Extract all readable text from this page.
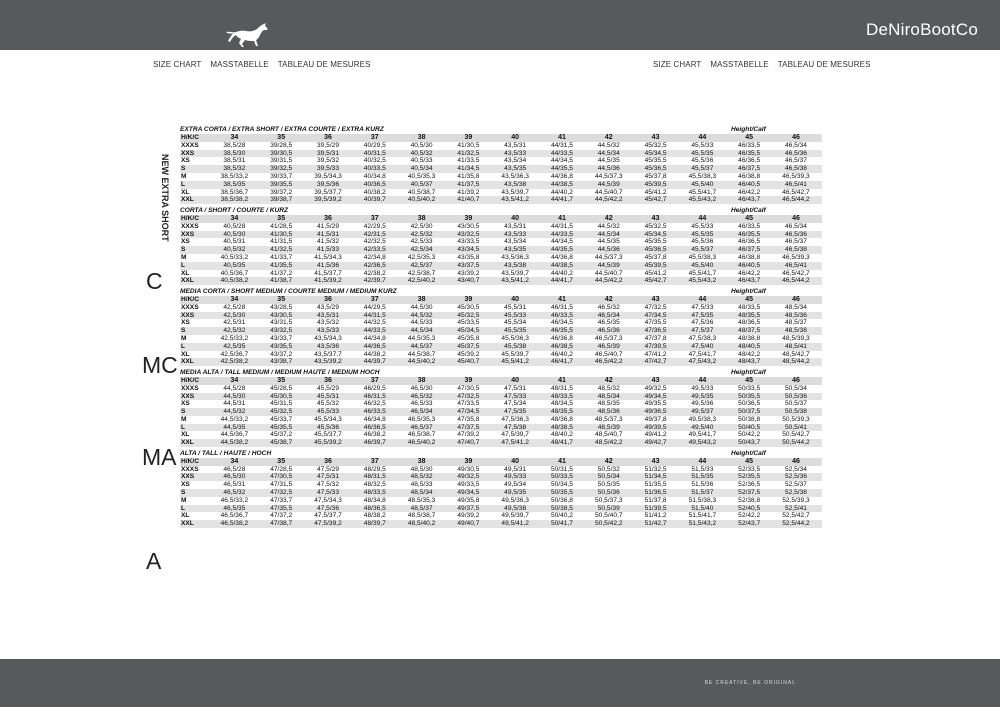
DeNiroBootCo
SIZE CHART MASSTABELLE TABLEAU DE MESURES	SIZE CHART MASSTABELLE TABLEAU DE MESURES
NEW EXTRA SHORT
C
MC
MA
A
EXTRA CORTA / EXTRA SHORT / EXTRA COURTE / EXTRA KURZ	Height/Calf
H/K/C	34	35	36	37	38	39	40	41	42	43	44	45	46
XXXS	38,5/28	39/28,5	39,5/29	40/29,5	40,5/30	41/30,5	43,5/31	44/31,5	44,5/32	45/32,5	45,5/33	46/33,5	46,5/34
XXS	38,5/30	39/30,5	39,5/31	40/31,5	40,5/32	41/32,5	43,5/33	44/33,5	44,5/34	45/34,5	45,5/35	46/35,5	46,5/36
XS	38,5/31	39/31,5	39,5/32	40/32,5	40,5/33	41/33,5	43,5/34	44/34,5	44,5/35	45/35,5	45,5/36	46/36,5	46,5/37
S	38,5/32	39/32,5	39,5/33	40/33,5	40,5/34	41/34,5	43,5/35	44/35,5	44,5/36	45/36,5	45,5/37	46/37,5	46,5/38
M	38,5/33,2	39/33,7	39,5/34,3	40/34,8	40,5/35,3	41/35,8	43,5/36,3	44/36,8	44,5/37,3	45/37,8	45,5/38,3	46/38,8	46,5/39,3
L	38,5/35	39/35,5	39,5/36	40/36,5	40,5/37	41/37,5	43,5/38	44/38,5	44,5/39	45/39,5	45,5/40	46/40,5	46,5/41
XL	38,5/36,7	39/37,2	39,5/37,7	40/38,2	40,5/38,7	41/39,2	43,5/39,7	44/40,2	44,5/40,7	45/41,2	45,5/41,7	46/42,2	46,5/42,7
XXL	38,5/38,2	39/38,7	39,5/39,2	40/39,7	40,5/40,2	41/40,7	43,5/41,2	44/41,7	44,5/42,2	45/42,7	45,5/43,2	46/43,7	46,5/44,2
CORTA / SHORT / COURTE / KURZ	Height/Calf
H/K/C	34	35	36	37	38	39	40	41	42	43	44	45	46
XXXS	40,5/28	41/28,5	41,5/29	42/29,5	42,5/30	43/30,5	43,5/31	44/31,5	44,5/32	45/32,5	45,5/33	46/33,5	46,5/34
XXS	40,5/30	41/30,5	41,5/31	42/31,5	42,5/32	43/32,5	43,5/33	44/33,5	44,5/34	45/34,5	45,5/35	46/35,5	46,5/36
XS	40,5/31	41/31,5	41,5/32	42/32,5	42,5/33	43/33,5	43,5/34	44/34,5	44,5/35	45/35,5	45,5/36	46/36,5	46,5/37
S	40,5/32	41/32,5	41,5/33	42/33,5	42,5/34	43/34,5	43,5/35	44/35,5	44,5/36	45/36,5	45,5/37	46/37,5	46,5/38
M	40,5/33,2	41/33,7	41,5/34,3	42/34,8	42,5/35,3	43/35,8	43,5/36,3	44/36,8	44,5/37,3	45/37,8	45,5/38,3	46/38,8	46,5/39,3
L	40,5/35	41/35,5	41,5/36	42/36,5	42,5/37	43/37,5	43,5/38	44/38,5	44,5/39	45/39,5	45,5/40	46/40,5	46,5/41
XL	40,5/36,7	41/37,2	41,5/37,7	42/38,2	42,5/38,7	43/39,2	43,5/39,7	44/40,2	44,5/40,7	45/41,2	45,5/41,7	46/42,2	46,5/42,7
XXL	40,5/38,2	41/38,7	41,5/39,2	42/39,7	42,5/40,2	43/40,7	43,5/41,2	44/41,7	44,5/42,2	45/42,7	45,5/43,2	46/43,7	46,5/44,2
MEDIA CORTA / SHORT MEDIUM / COURTE MEDIUM / MEDIUM KURZ	Height/Calf
H/K/C	34	35	36	37	38	39	40	41	42	43	44	45	46
XXXS	42,5/28	43/28,5	43,5/29	44/29,5	44,5/30	45/30,5	45,5/31	46/31,5	46,5/32	47/32,5	47,5/33	48/33,5	48,5/34
XXS	42,5/30	43/30,5	43,5/31	44/31,5	44,5/32	45/32,5	45,5/33	46/33,5	46,5/34	47/34,5	47,5/35	48/35,5	48,5/36
XS	42,5/31	43/31,5	43,5/32	44/32,5	44,5/33	45/33,5	45,5/34	46/34,5	46,5/35	47/35,5	47,5/36	48/36,5	48,5/37
S	42,5/32	43/32,5	43,5/33	44/33,5	44,5/34	45/34,5	45,5/35	46/35,5	46,5/36	47/36,5	47,5/37	48/37,5	48,5/38
M	42,5/33,2	43/33,7	43,5/34,3	44/34,8	44,5/35,3	45/35,8	45,5/36,3	46/36,8	46,5/37,3	47/37,8	47,5/38,3	48/38,8	48,5/39,3
L	42,5/35	43/35,5	43,5/36	44/36,5	44,5/37	45/37,5	45,5/38	46/38,5	46,5/39	47/39,5	47,5/40	48/40,5	48,5/41
XL	42,5/36,7	43/37,2	43,5/37,7	44/38,2	44,5/38,7	45/39,2	45,5/39,7	46/40,2	46,5/40,7	47/41,2	47,5/41,7	48/42,2	48,5/42,7
XXL	42,5/38,2	43/38,7	43,5/39,2	44/39,7	44,5/40,2	45/40,7	45,5/41,2	46/41,7	46,5/42,2	47/42,7	47,5/43,2	48/43,7	48,5/44,2
MEDIA ALTA / TALL MEDIUM / MEDIUM HAUTE / MEDIUM HOCH	Height/Calf
H/K/C	34	35	36	37	38	39	40	41	42	43	44	45	46
XXXS	44,5/28	45/28,5	45,5/29	46/29,5	46,5/30	47/30,5	47,5/31	48/31,5	48,5/32	49/32,5	49,5/33	50/33,5	50,5/34
XXS	44,5/30	45/30,5	45,5/31	46/31,5	46,5/32	47/32,5	47,5/33	48/33,5	48,5/34	49/34,5	49,5/35	50/35,5	50,5/36
XS	44,5/31	45/31,5	45,5/32	46/32,5	46,5/33	47/33,5	47,5/34	48/34,5	48,5/35	49/35,5	49,5/36	50/36,5	50,5/37
S	44,5/32	45/32,5	45,5/33	46/33,5	46,5/34	47/34,5	47,5/35	48/35,5	48,5/36	49/36,5	49,5/37	50/37,5	50,5/38
M	44,5/33,2	45/33,7	45,5/34,3	46/34,8	46,5/35,3	47/35,8	47,5/36,3	48/36,8	48,5/37,3	49/37,8	49,5/38,3	50/38,8	50,5/39,3
L	44,5/35	45/35,5	45,5/36	46/36,5	46,5/37	47/37,5	47,5/38	48/38,5	48,5/39	49/39,5	49,5/40	50/40,5	50,5/41
XL	44,5/36,7	45/37,2	45,5/37,7	46/38,2	46,5/38,7	47/39,2	47,5/39,7	48/40,2	48,5/40,7	49/41,2	49,5/41,7	50/42,2	50,5/42,7
XXL	44,5/38,2	45/38,7	45,5/39,2	46/39,7	46,5/40,2	47/40,7	47,5/41,2	48/41,7	48,5/42,2	49/42,7	49,5/43,2	50/43,7	50,5/44,2
ALTA / TALL / HAUTE / HOCH	Height/Calf
H/K/C	34	35	36	37	38	39	40	41	42	43	44	45	46
XXXS	46,5/28	47/28,5	47,5/29	48/29,5	48,5/30	49/30,5	49,5/31	50/31,5	50,5/32	51/32,5	51,5/33	52/33,5	52,5/34
XXS	46,5/30	47/30,5	47,5/31	48/31,5	48,5/32	49/32,5	49,5/33	50/33,5	50,5/34	51/34,5	51,5/35	52/35,5	52,5/36
XS	46,5/31	47/31,5	47,5/32	48/32,5	48,5/33	49/33,5	49,5/34	50/34,5	50,5/35	51/35,5	51,5/36	52/36,5	52,5/37
S	46,5/32	47/32,5	47,5/33	48/33,5	48,5/34	49/34,5	49,5/35	50/35,5	50,5/36	51/36,5	51,5/37	52/37,5	52,5/38
M	46,5/33,2	47/33,7	47,5/34,3	48/34,8	48,5/35,3	49/35,8	49,5/36,3	50/36,8	50,5/37,3	51/37,8	51,5/38,3	52/38,8	52,5/39,3
L	46,5/35	47/35,5	47,5/36	48/36,5	48,5/37	49/37,5	49,5/38	50/38,5	50,5/39	51/39,5	51,5/40	52/40,5	52,5/41
XL	46,5/36,7	47/37,2	47,5/37,7	48/38,2	48,5/38,7	49/39,2	49,5/39,7	50/40,2	50,5/40,7	51/41,2	51,5/41,7	52/42,2	52,5/42,7
XXL	46,5/38,2	47/38,7	47,5/39,2	48/39,7	48,5/40,2	49/40,7	49,5/41,2	50/41,7	50,5/42,2	51/42,7	51,5/43,2	52/43,7	52,5/44,2
BE CREATIVE, BE ORIGINAL
